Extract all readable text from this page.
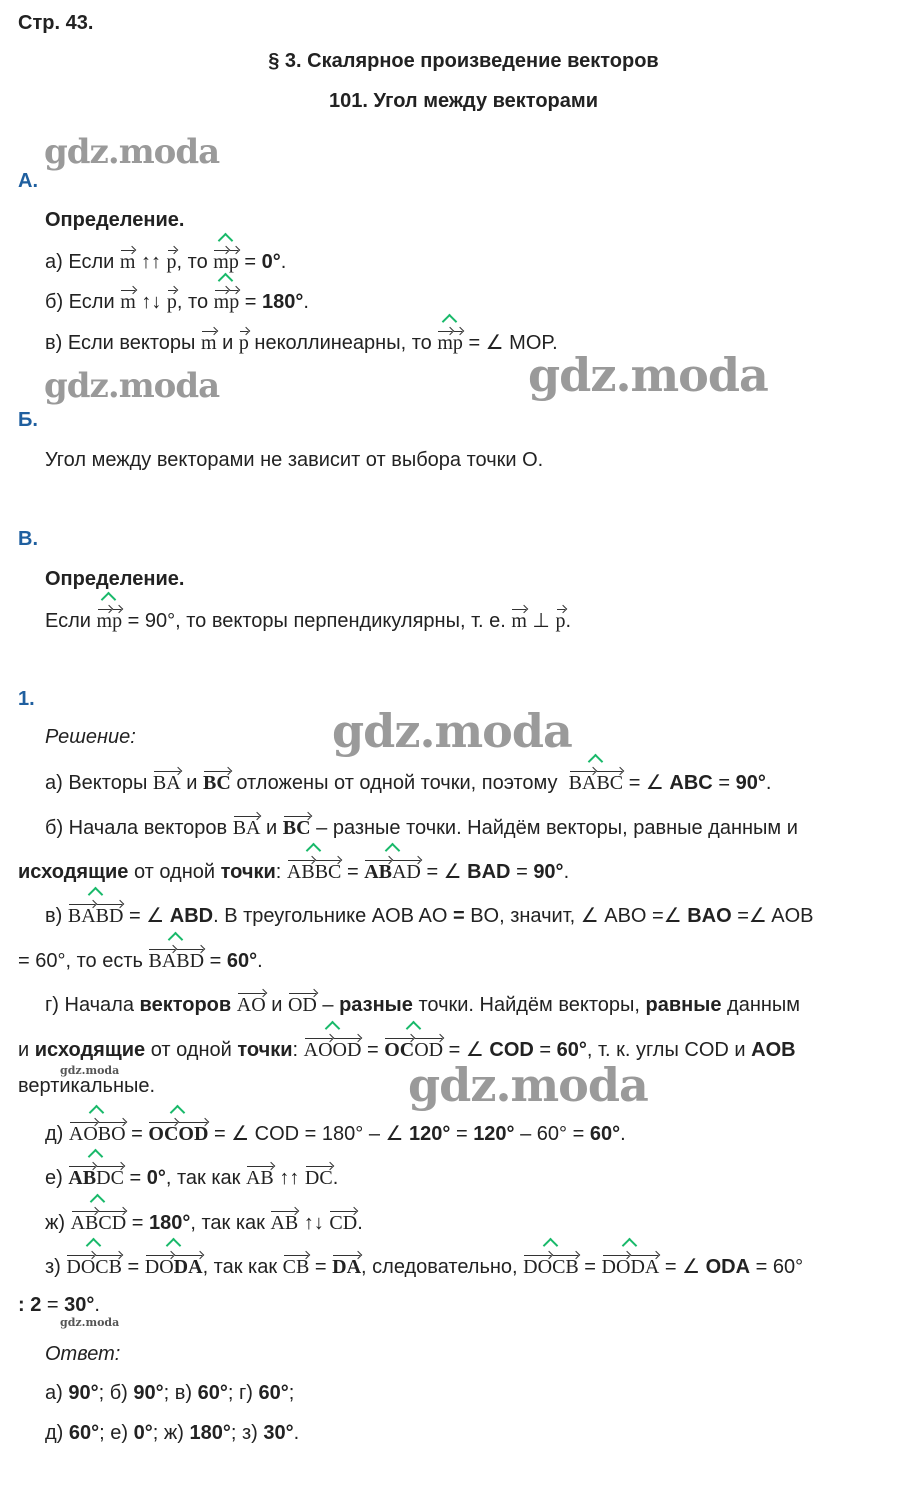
Стр. 43.
§ 3. Скалярное произведение векторов
101. Угол между векторами
gdz.moda
gdz.moda	gdz.moda
gdz.moda
gdz.moda
gdz.moda
gdz.moda
А.
Определение.
а) Если m ↑↑ p, то mp = 0°.
б) Если m ↑↓ p, то mp = 180°.
в) Если векторы m и p неколлинеарны, то mp = ∠ MOP.
Б.
Угол между векторами не зависит от выбора точки O.
В.
Определение.
Если mp = 90°, то векторы перпендикулярны, т. е. m ⊥ p.
1.
Решение:
а) Векторы BA и BC отложены от одной точки, поэтому BABC = ∠ ABC = 90°.
б) Начала векторов BA и BC – разные точки. Найдём векторы, равные данным и
исходящие от одной точки: ABBC = ABAD = ∠ BAD = 90°.
в) BABD = ∠ ABD. В треугольнике AOB AO = BO, значит, ∠ ABO =∠ BAO =∠ AOB
= 60°, то есть BABD = 60°.
г) Начала векторов AO и OD – разные точки. Найдём векторы, равные данным
и исходящие от одной точки: AOOD = OCOD = ∠ COD = 60°, т. к. углы COD и AOB
вертикальные.
д) AOBO = OCOD = ∠ COD = 180° – ∠ 120° = 120° – 60° = 60°.
е) ABDC = 0°, так как AB ↑↑ DC.
ж) ABCD = 180°, так как AB ↑↓ CD.
з) DOCB = DODA, так как CB = DA, следовательно, DOCB = DODA = ∠ ODA = 60°
: 2 = 30°.
Ответ:
а) 90°; б) 90°; в) 60°; г) 60°;
д) 60°; е) 0°; ж) 180°; з) 30°.
